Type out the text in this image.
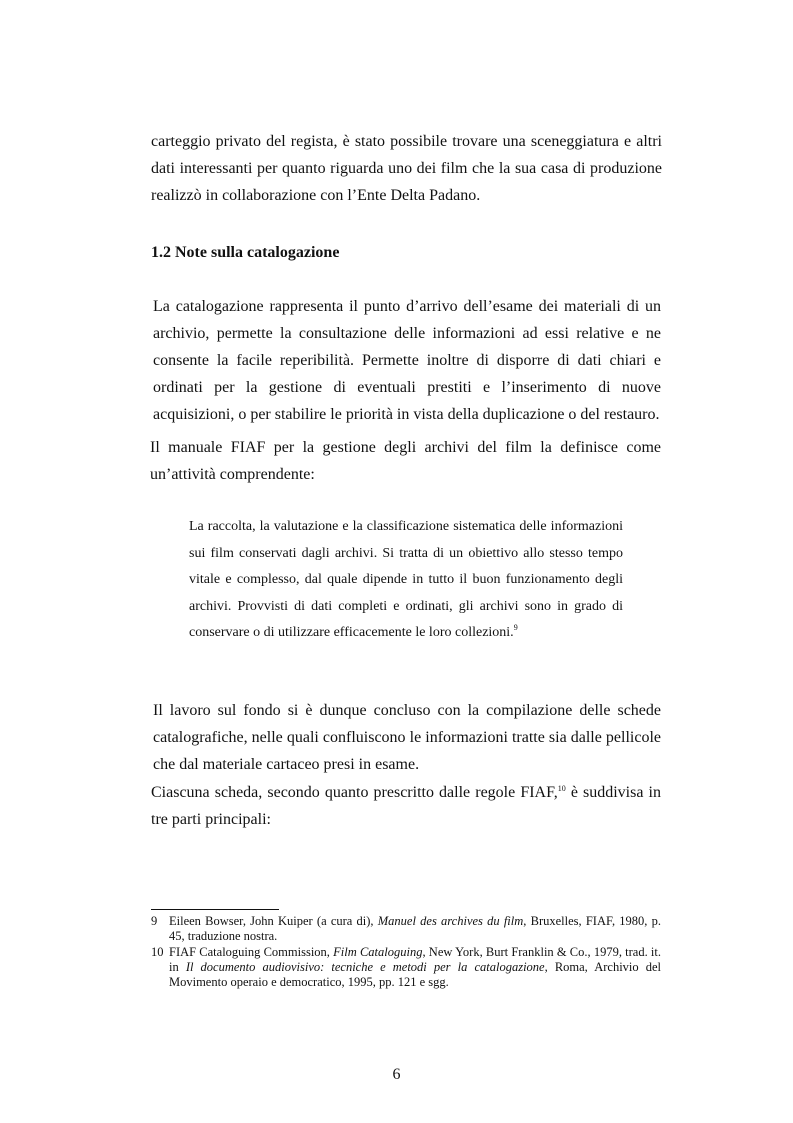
carteggio privato del regista, è stato possibile trovare una sceneggiatura e altri dati interessanti per quanto riguarda uno dei film che la sua casa di produzione realizzò in collaborazione con l’Ente Delta Padano.

1.2 Note sulla catalogazione

La catalogazione rappresenta il punto d’arrivo dell’esame dei materiali di un archivio, permette la consultazione delle informazioni ad essi relative e ne consente la facile reperibilità. Permette inoltre di disporre di dati chiari e ordinati per la gestione di eventuali prestiti e l’inserimento di nuove acquisizioni, o per stabilire le priorità in vista della duplicazione o del restauro.

Il manuale FIAF per la gestione degli archivi del film la definisce come un’attività comprendente:

La raccolta, la valutazione e la classificazione sistematica delle informazioni sui film conservati dagli archivi. Si tratta di un obiettivo allo stesso tempo vitale e complesso, dal quale dipende in tutto il buon funzionamento degli archivi. Provvisti di dati completi e ordinati, gli archivi sono in grado di conservare o di utilizzare efficacemente le loro collezioni.$^9$

Il lavoro sul fondo si è dunque concluso con la compilazione delle schede catalografiche, nelle quali confluiscono le informazioni tratte sia dalle pellicole che dal materiale cartaceo presi in esame.

Ciascuna scheda, secondo quanto prescritto dalle regole FIAF,$^{10}$ è suddivisa in tre parti principali:

9 Eileen Bowser, John Kuiper (a cura di), Manuel des archives du film, Bruxelles, FIAF, 1980, p. 45, traduzione nostra.
10 FIAF Cataloguing Commission, Film Cataloguing, New York, Burt Franklin & Co., 1979, trad. it. in Il documento audiovisivo: tecniche e metodi per la catalogazione, Roma, Archivio del Movimento operaio e democratico, 1995, pp. 121 e sgg.

6
